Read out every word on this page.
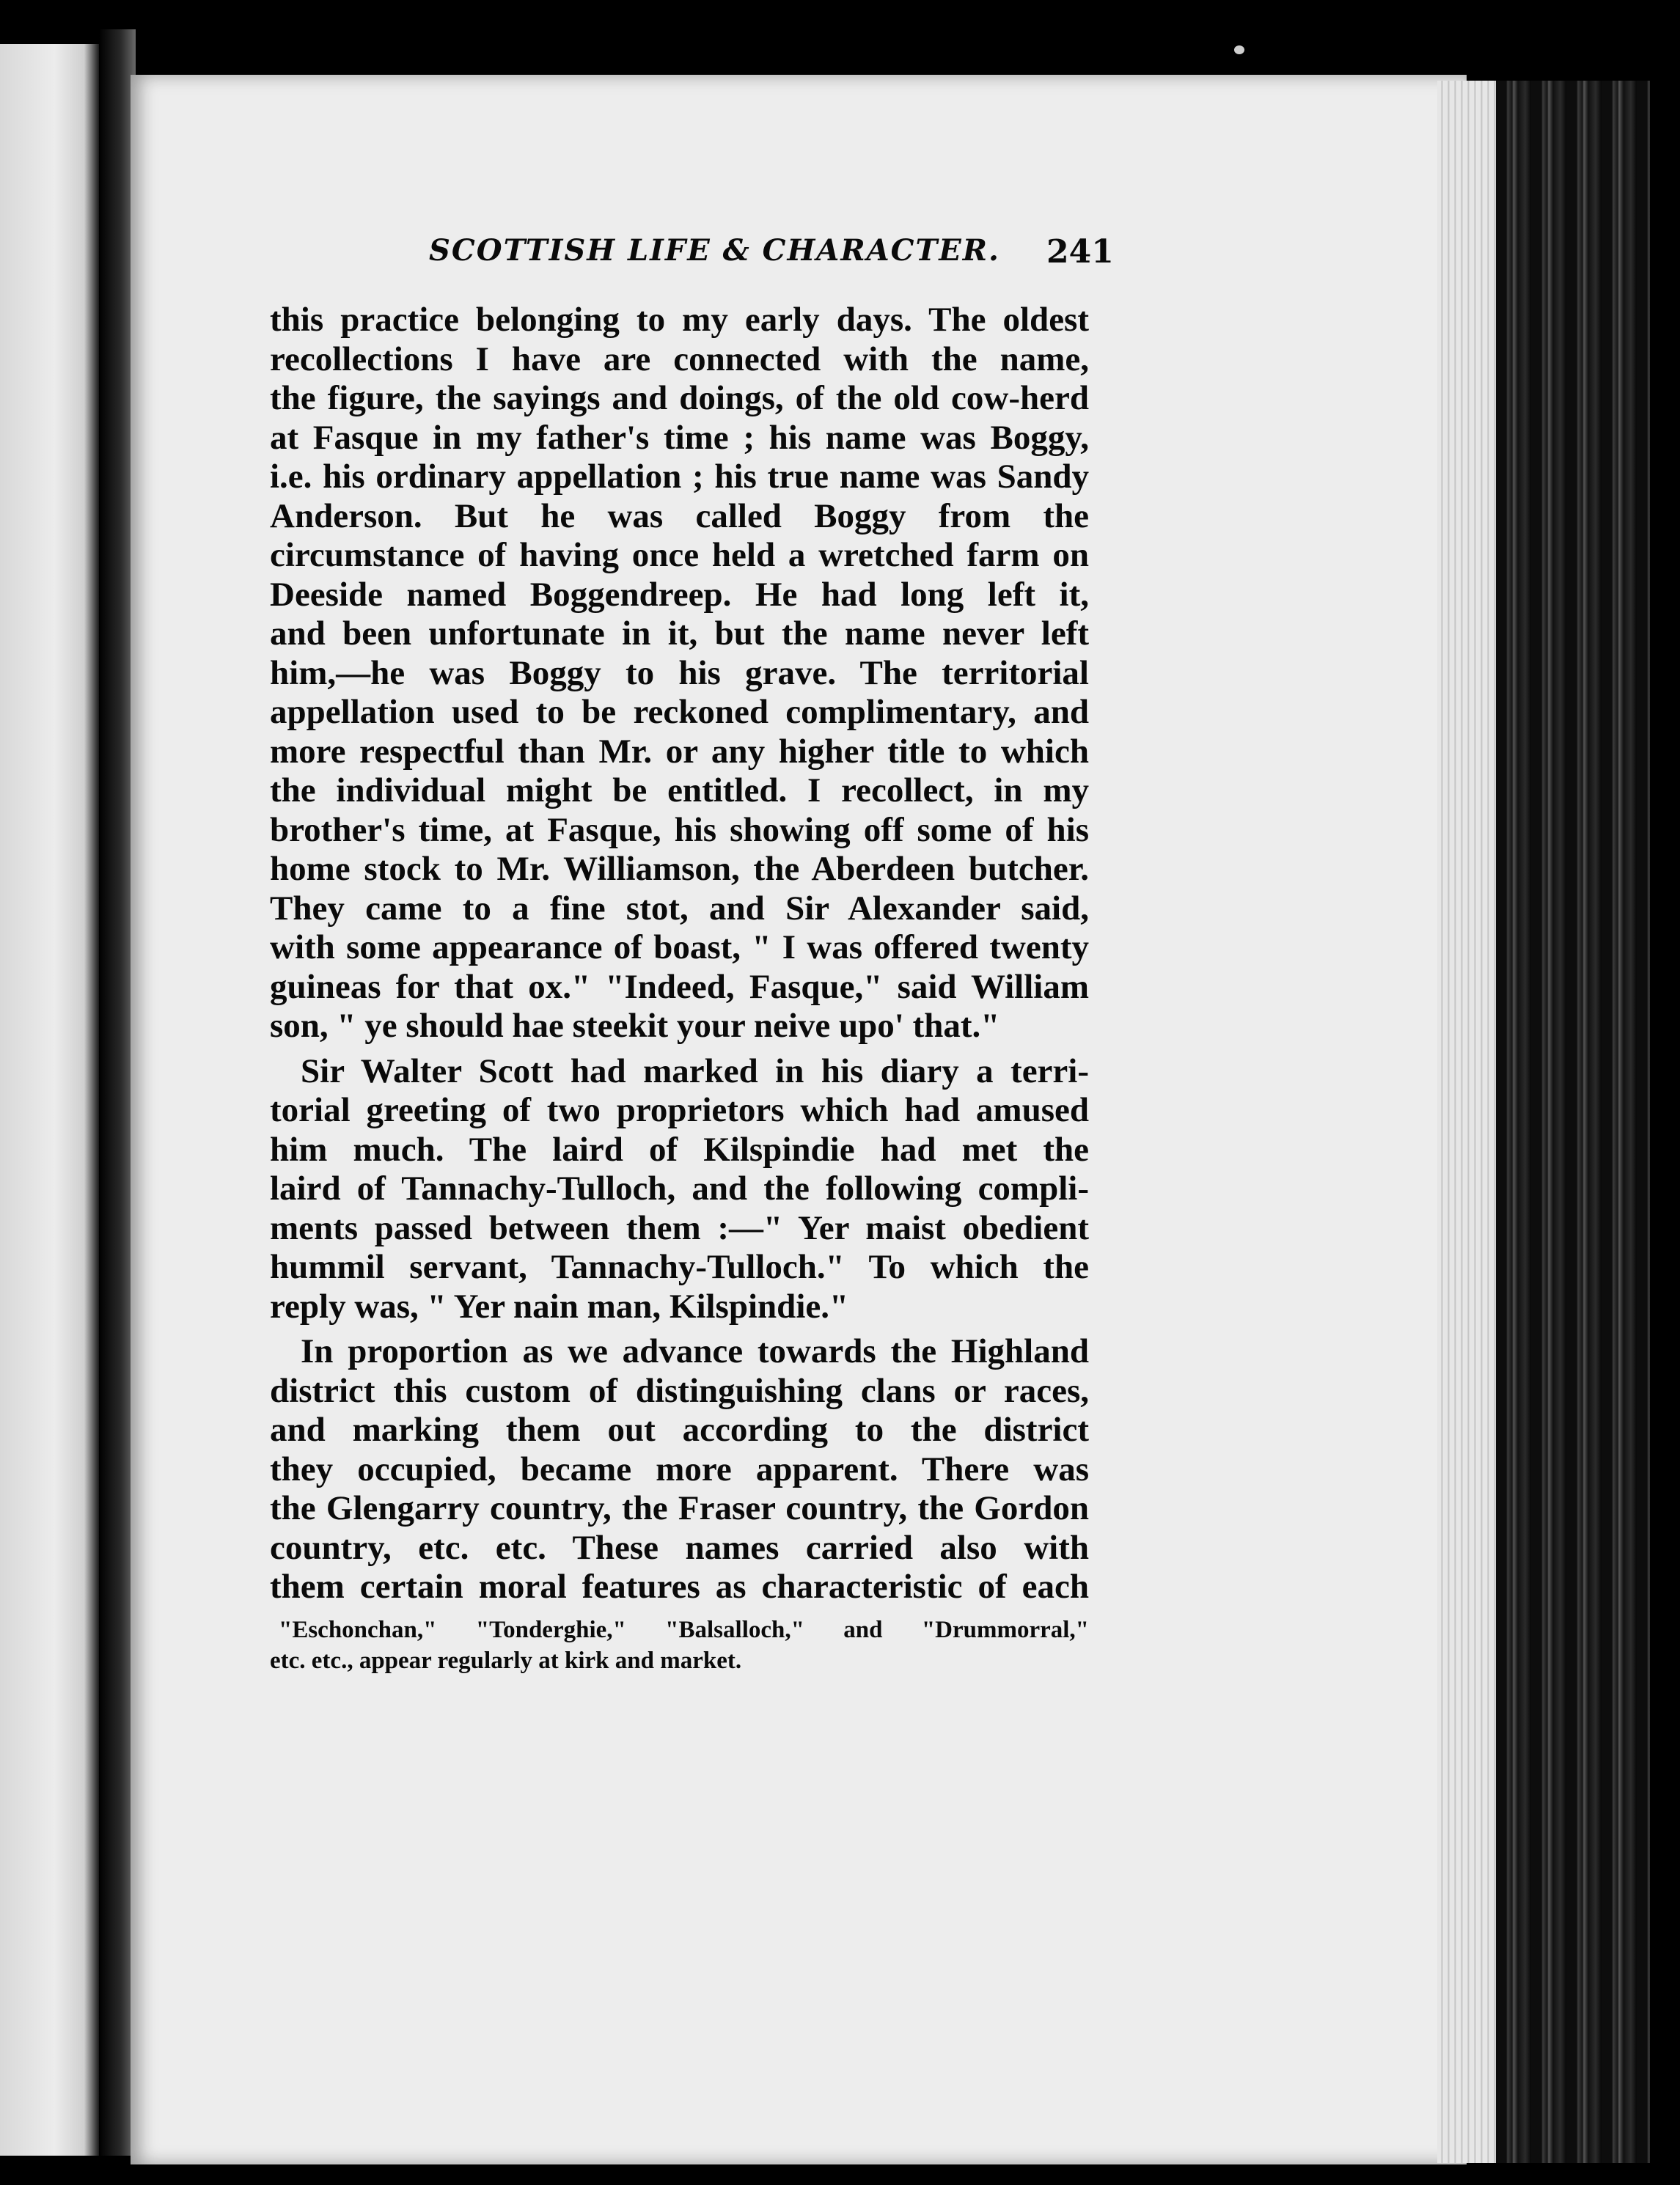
SCOTTISH LIFE & CHARACTER. 241
this practice belonging to my early days. The oldest
recollections I have are connected with the name,
the figure, the sayings and doings, of the old cow-herd
at Fasque in my father's time ; his name was Boggy,
i.e. his ordinary appellation ; his true name was Sandy
Anderson. But he was called Boggy from the
circumstance of having once held a wretched farm on
Deeside named Boggendreep. He had long left it,
and been unfortunate in it, but the name never left
him,—he was Boggy to his grave. The territorial
appellation used to be reckoned complimentary, and
more respectful than Mr. or any higher title to which
the individual might be entitled. I recollect, in my
brother's time, at Fasque, his showing off some of his
home stock to Mr. Williamson, the Aberdeen butcher.
They came to a fine stot, and Sir Alexander said,
with some appearance of boast, " I was offered twenty
guineas for that ox." "Indeed, Fasque," said William
son, " ye should hae steekit your neive upo' that."
Sir Walter Scott had marked in his diary a terri-
torial greeting of two proprietors which had amused
him much. The laird of Kilspindie had met the
laird of Tannachy-Tulloch, and the following compli-
ments passed between them :—" Yer maist obedient
hummil servant, Tannachy-Tulloch." To which the
reply was, " Yer nain man, Kilspindie."
In proportion as we advance towards the Highland
district this custom of distinguishing clans or races,
and marking them out according to the district
they occupied, became more apparent. There was
the Glengarry country, the Fraser country, the Gordon
country, etc. etc. These names carried also with
them certain moral features as characteristic of each
"Eschonchan," "Tonderghie," "Balsalloch," and "Drummorral,"
etc. etc., appear regularly at kirk and market.
